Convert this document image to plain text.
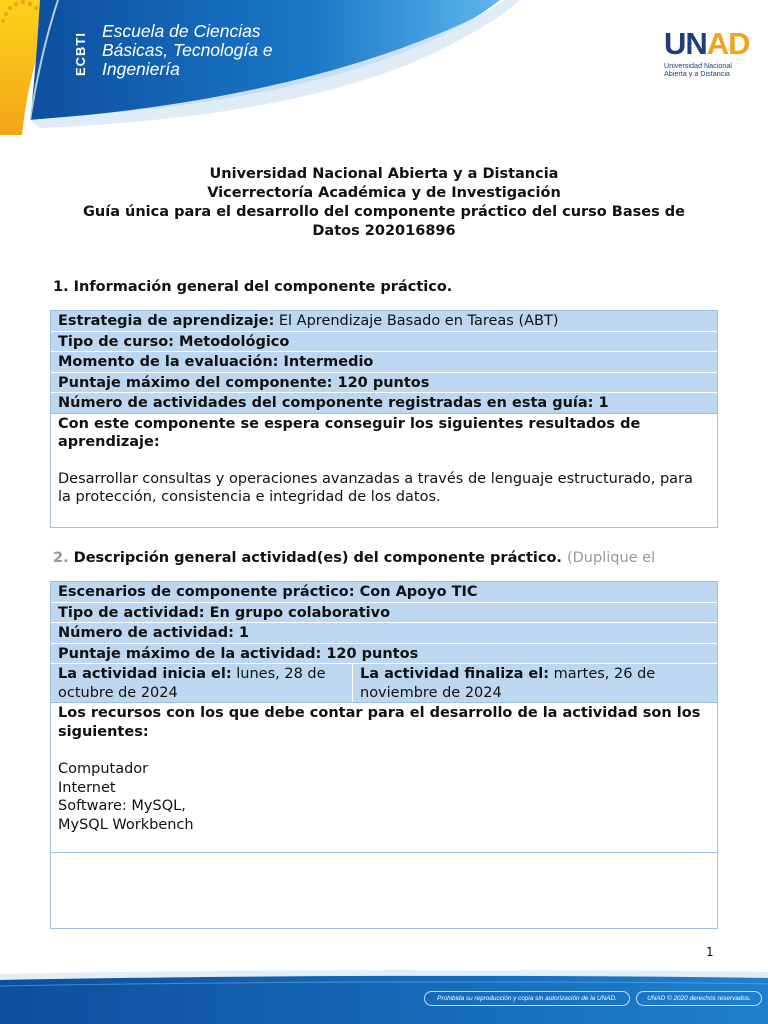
ECBTI
Escuela de Ciencias
Básicas, Tecnología e
Ingeniería
UNAD
Universidad Nacional
Abierta y a Distancia
Universidad Nacional Abierta y a Distancia
Vicerrectoría Académica y de Investigación
Guía única para el desarrollo del componente práctico del curso Bases de
Datos 202016896
1. Información general del componente práctico.
Estrategia de aprendizaje: El Aprendizaje Basado en Tareas (ABT)
Tipo de curso: Metodológico
Momento de la evaluación: Intermedio
Puntaje máximo del componente: 120 puntos
Número de actividades del componente registradas en esta guía: 1
Con este componente se espera conseguir los siguientes resultados de aprendizaje:
Desarrollar consultas y operaciones avanzadas a través de lenguaje estructurado, para la protección, consistencia e integridad de los datos.
2. Descripción general actividad(es) del componente práctico. (Duplique el
Escenarios de componente práctico: Con Apoyo TIC
Tipo de actividad: En grupo colaborativo
Número de actividad: 1
Puntaje máximo de la actividad: 120 puntos
La actividad inicia el: lunes, 28 de octubre de 2024
La actividad finaliza el: martes, 26 de noviembre de 2024
Los recursos con los que debe contar para el desarrollo de la actividad son los siguientes:
Computador
Internet
Software: MySQL,
MySQL Workbench
1
Prohibida su reproducción y copia sin autorización de la UNAD.	UNAD © 2020 derechos reservados.
